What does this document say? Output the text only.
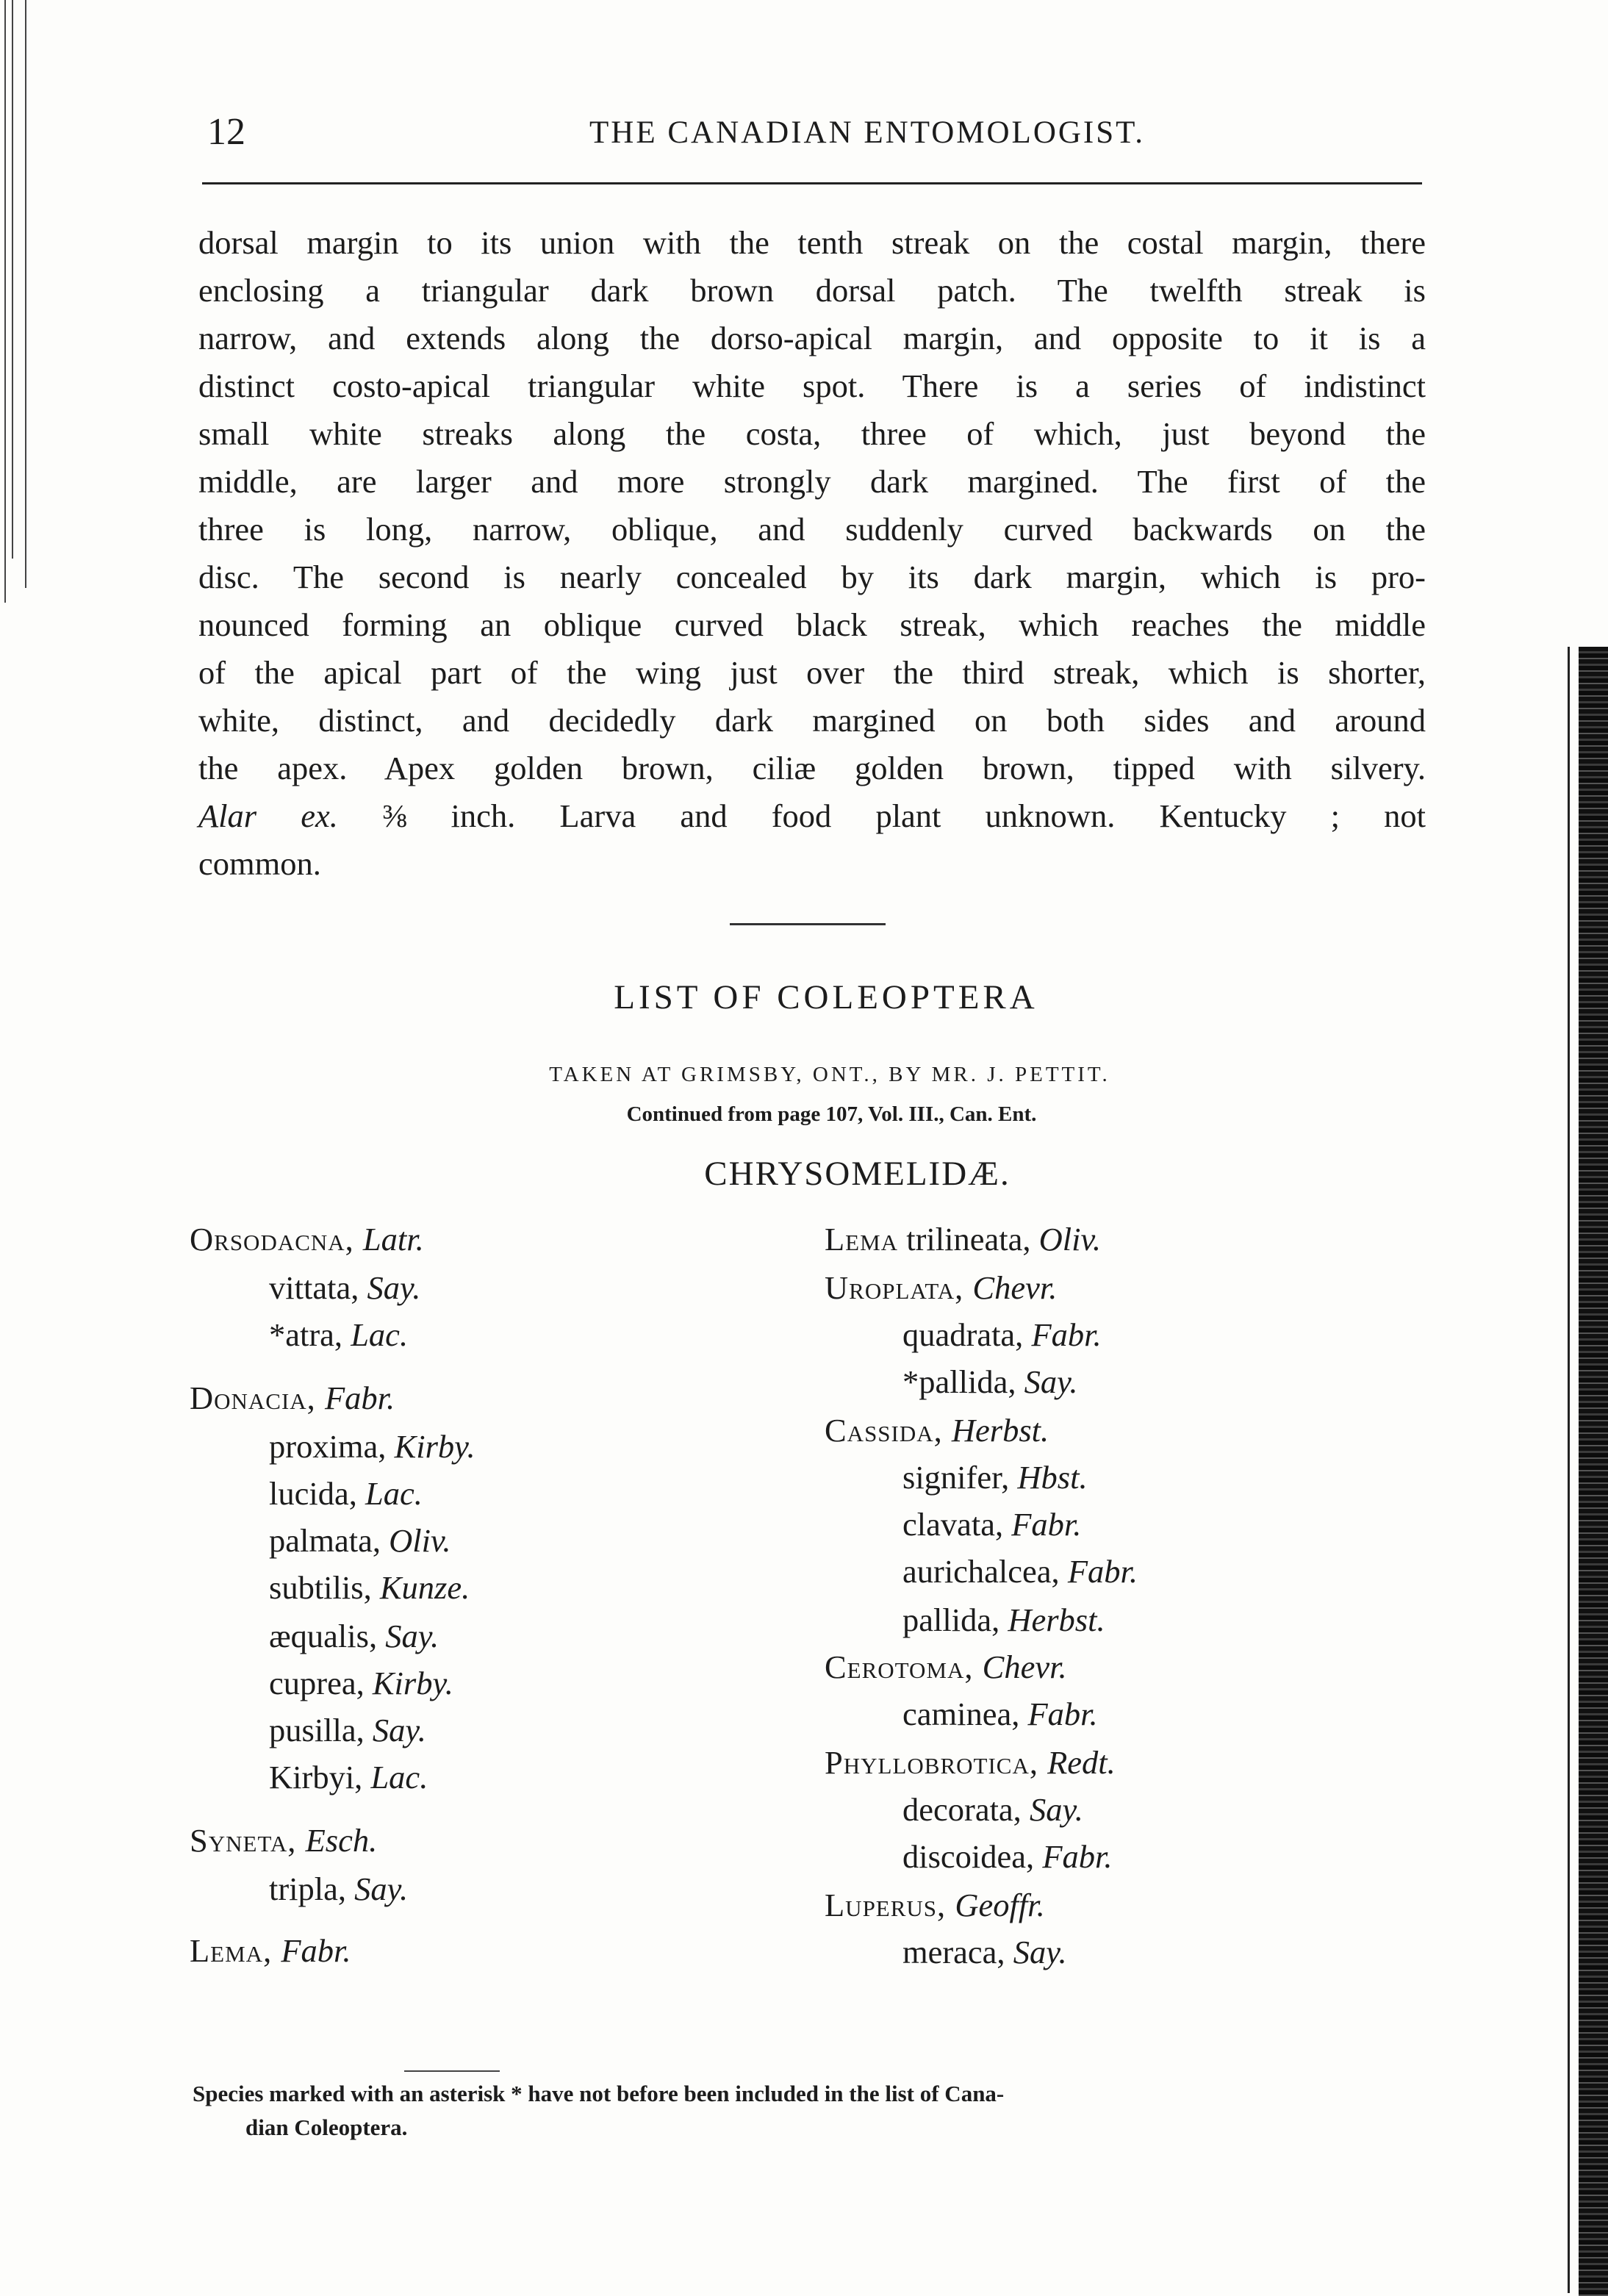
12	THE CANADIAN ENTOMOLOGIST.
dorsal margin to its union with the tenth streak on the costal margin, there
enclosing a triangular dark brown dorsal patch. The twelfth streak is
narrow, and extends along the dorso-apical margin, and opposite to it is a
distinct costo-apical triangular white spot. There is a series of indistinct
small white streaks along the costa, three of which, just beyond the
middle, are larger and more strongly dark margined. The first of the
three is long, narrow, oblique, and suddenly curved backwards on the
disc. The second is nearly concealed by its dark margin, which is pro-
nounced forming an oblique curved black streak, which reaches the middle
of the apical part of the wing just over the third streak, which is shorter,
white, distinct, and decidedly dark margined on both sides and around
the apex. Apex golden brown, ciliæ golden brown, tipped with silvery.
Alar ex. ⅜ inch. Larva and food plant unknown. Kentucky ; not
common.
LIST OF COLEOPTERA
TAKEN AT GRIMSBY, ONT., BY MR. J. PETTIT.
Continued from page 107, Vol. III., Can. Ent.
CHRYSOMELIDÆ.
Orsodacna, Latr.
vittata, Say.
*atra, Lac.
Donacia, Fabr.
proxima, Kirby.
lucida, Lac.
palmata, Oliv.
subtilis, Kunze.
æqualis, Say.
cuprea, Kirby.
pusilla, Say.
Kirbyi, Lac.
Syneta, Esch.
tripla, Say.
Lema, Fabr.
Lema trilineata, Oliv.
Uroplata, Chevr.
quadrata, Fabr.
*pallida, Say.
Cassida, Herbst.
signifer, Hbst.
clavata, Fabr.
aurichalcea, Fabr.
pallida, Herbst.
Cerotoma, Chevr.
caminea, Fabr.
Phyllobrotica, Redt.
decorata, Say.
discoidea, Fabr.
Luperus, Geoffr.
meraca, Say.
Species marked with an asterisk * have not before been included in the list of Cana-
dian Coleoptera.
